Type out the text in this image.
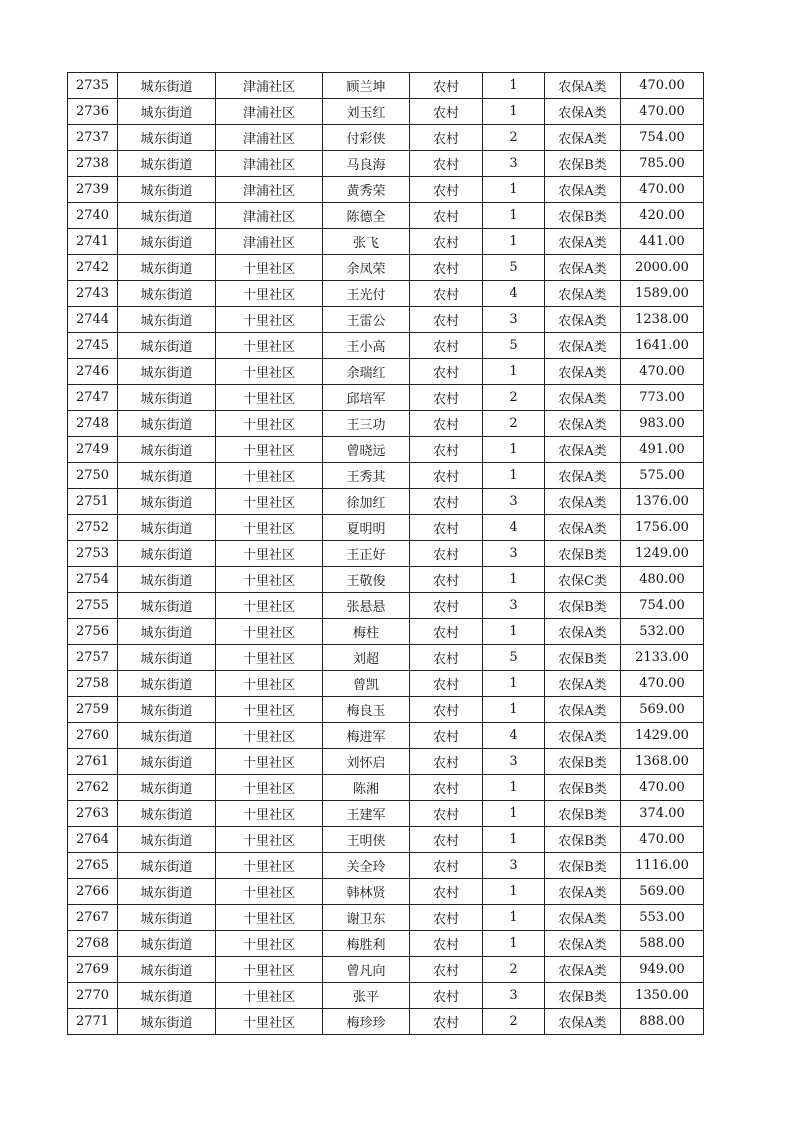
2735	城东街道	津浦社区	顾兰坤	农村	1	农保A类	470.00
2736	城东街道	津浦社区	刘玉红	农村	1	农保A类	470.00
2737	城东街道	津浦社区	付彩侠	农村	2	农保A类	754.00
2738	城东街道	津浦社区	马良海	农村	3	农保B类	785.00
2739	城东街道	津浦社区	黄秀荣	农村	1	农保A类	470.00
2740	城东街道	津浦社区	陈德全	农村	1	农保B类	420.00
2741	城东街道	津浦社区	张飞	农村	1	农保A类	441.00
2742	城东街道	十里社区	余凤荣	农村	5	农保A类	2000.00
2743	城东街道	十里社区	王光付	农村	4	农保A类	1589.00
2744	城东街道	十里社区	王雷公	农村	3	农保A类	1238.00
2745	城东街道	十里社区	王小高	农村	5	农保A类	1641.00
2746	城东街道	十里社区	余瑞红	农村	1	农保A类	470.00
2747	城东街道	十里社区	邱培军	农村	2	农保A类	773.00
2748	城东街道	十里社区	王三功	农村	2	农保A类	983.00
2749	城东街道	十里社区	曾晓远	农村	1	农保A类	491.00
2750	城东街道	十里社区	王秀其	农村	1	农保A类	575.00
2751	城东街道	十里社区	徐加红	农村	3	农保A类	1376.00
2752	城东街道	十里社区	夏明明	农村	4	农保A类	1756.00
2753	城东街道	十里社区	王正好	农村	3	农保B类	1249.00
2754	城东街道	十里社区	王敬俊	农村	1	农保C类	480.00
2755	城东街道	十里社区	张悬悬	农村	3	农保B类	754.00
2756	城东街道	十里社区	梅柱	农村	1	农保A类	532.00
2757	城东街道	十里社区	刘超	农村	5	农保B类	2133.00
2758	城东街道	十里社区	曾凯	农村	1	农保A类	470.00
2759	城东街道	十里社区	梅良玉	农村	1	农保A类	569.00
2760	城东街道	十里社区	梅进军	农村	4	农保A类	1429.00
2761	城东街道	十里社区	刘怀启	农村	3	农保B类	1368.00
2762	城东街道	十里社区	陈湘	农村	1	农保B类	470.00
2763	城东街道	十里社区	王建军	农村	1	农保B类	374.00
2764	城东街道	十里社区	王明侠	农村	1	农保B类	470.00
2765	城东街道	十里社区	关全玲	农村	3	农保B类	1116.00
2766	城东街道	十里社区	韩林贤	农村	1	农保A类	569.00
2767	城东街道	十里社区	谢卫东	农村	1	农保A类	553.00
2768	城东街道	十里社区	梅胜利	农村	1	农保A类	588.00
2769	城东街道	十里社区	曾凡向	农村	2	农保A类	949.00
2770	城东街道	十里社区	张平	农村	3	农保B类	1350.00
2771	城东街道	十里社区	梅珍珍	农村	2	农保A类	888.00
